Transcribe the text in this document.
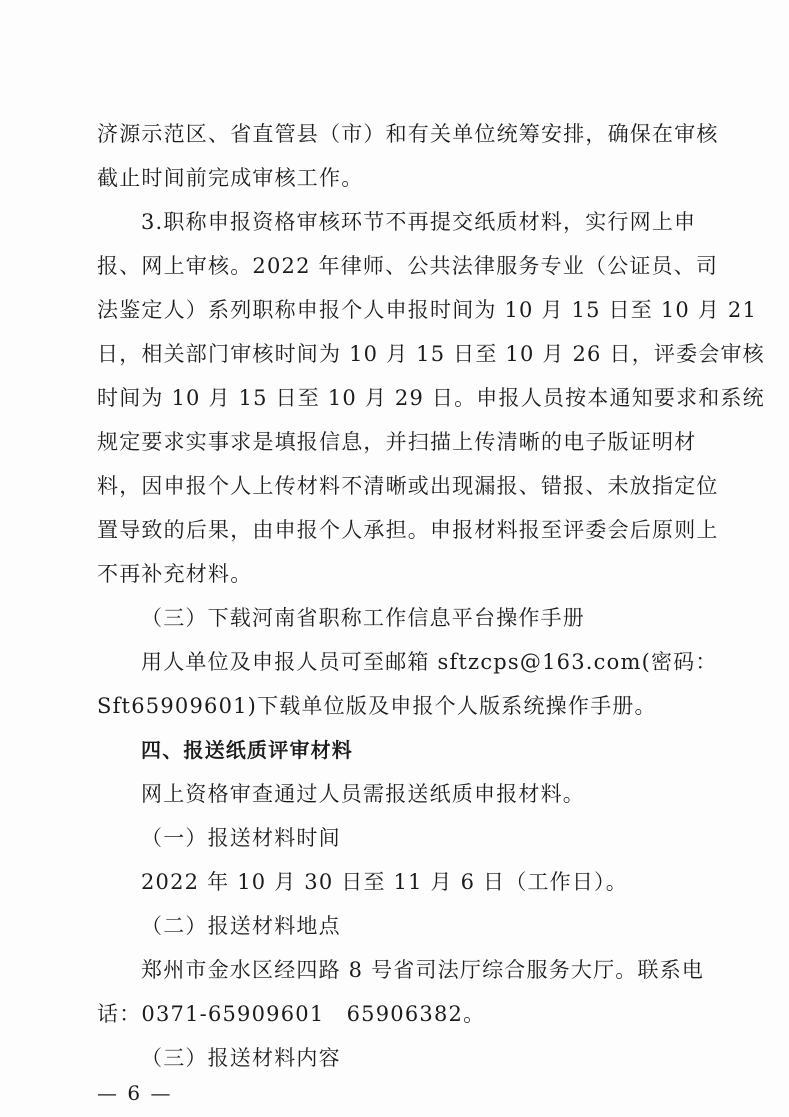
济源示范区、省直管县（市）和有关单位统筹安排，确保在审核
截止时间前完成审核工作。
3.职称申报资格审核环节不再提交纸质材料，实行网上申
报、网上审核。2022 年律师、公共法律服务专业（公证员、司
法鉴定人）系列职称申报个人申报时间为 10 月 15 日至 10 月 21
日，相关部门审核时间为 10 月 15 日至 10 月 26 日，评委会审核
时间为 10 月 15 日至 10 月 29 日。申报人员按本通知要求和系统
规定要求实事求是填报信息，并扫描上传清晰的电子版证明材
料，因申报个人上传材料不清晰或出现漏报、错报、未放指定位
置导致的后果，由申报个人承担。申报材料报至评委会后原则上
不再补充材料。
（三）下载河南省职称工作信息平台操作手册
用人单位及申报人员可至邮箱 sftzcps@163.com(密码：
Sft65909601)下载单位版及申报个人版系统操作手册。
四、报送纸质评审材料
网上资格审查通过人员需报送纸质申报材料。
（一）报送材料时间
2022 年 10 月 30 日至 11 月 6 日（工作日）。
（二）报送材料地点
郑州市金水区经四路 8 号省司法厅综合服务大厅。联系电
话：0371-65909601　65906382。
（三）报送材料内容
— 6 —
